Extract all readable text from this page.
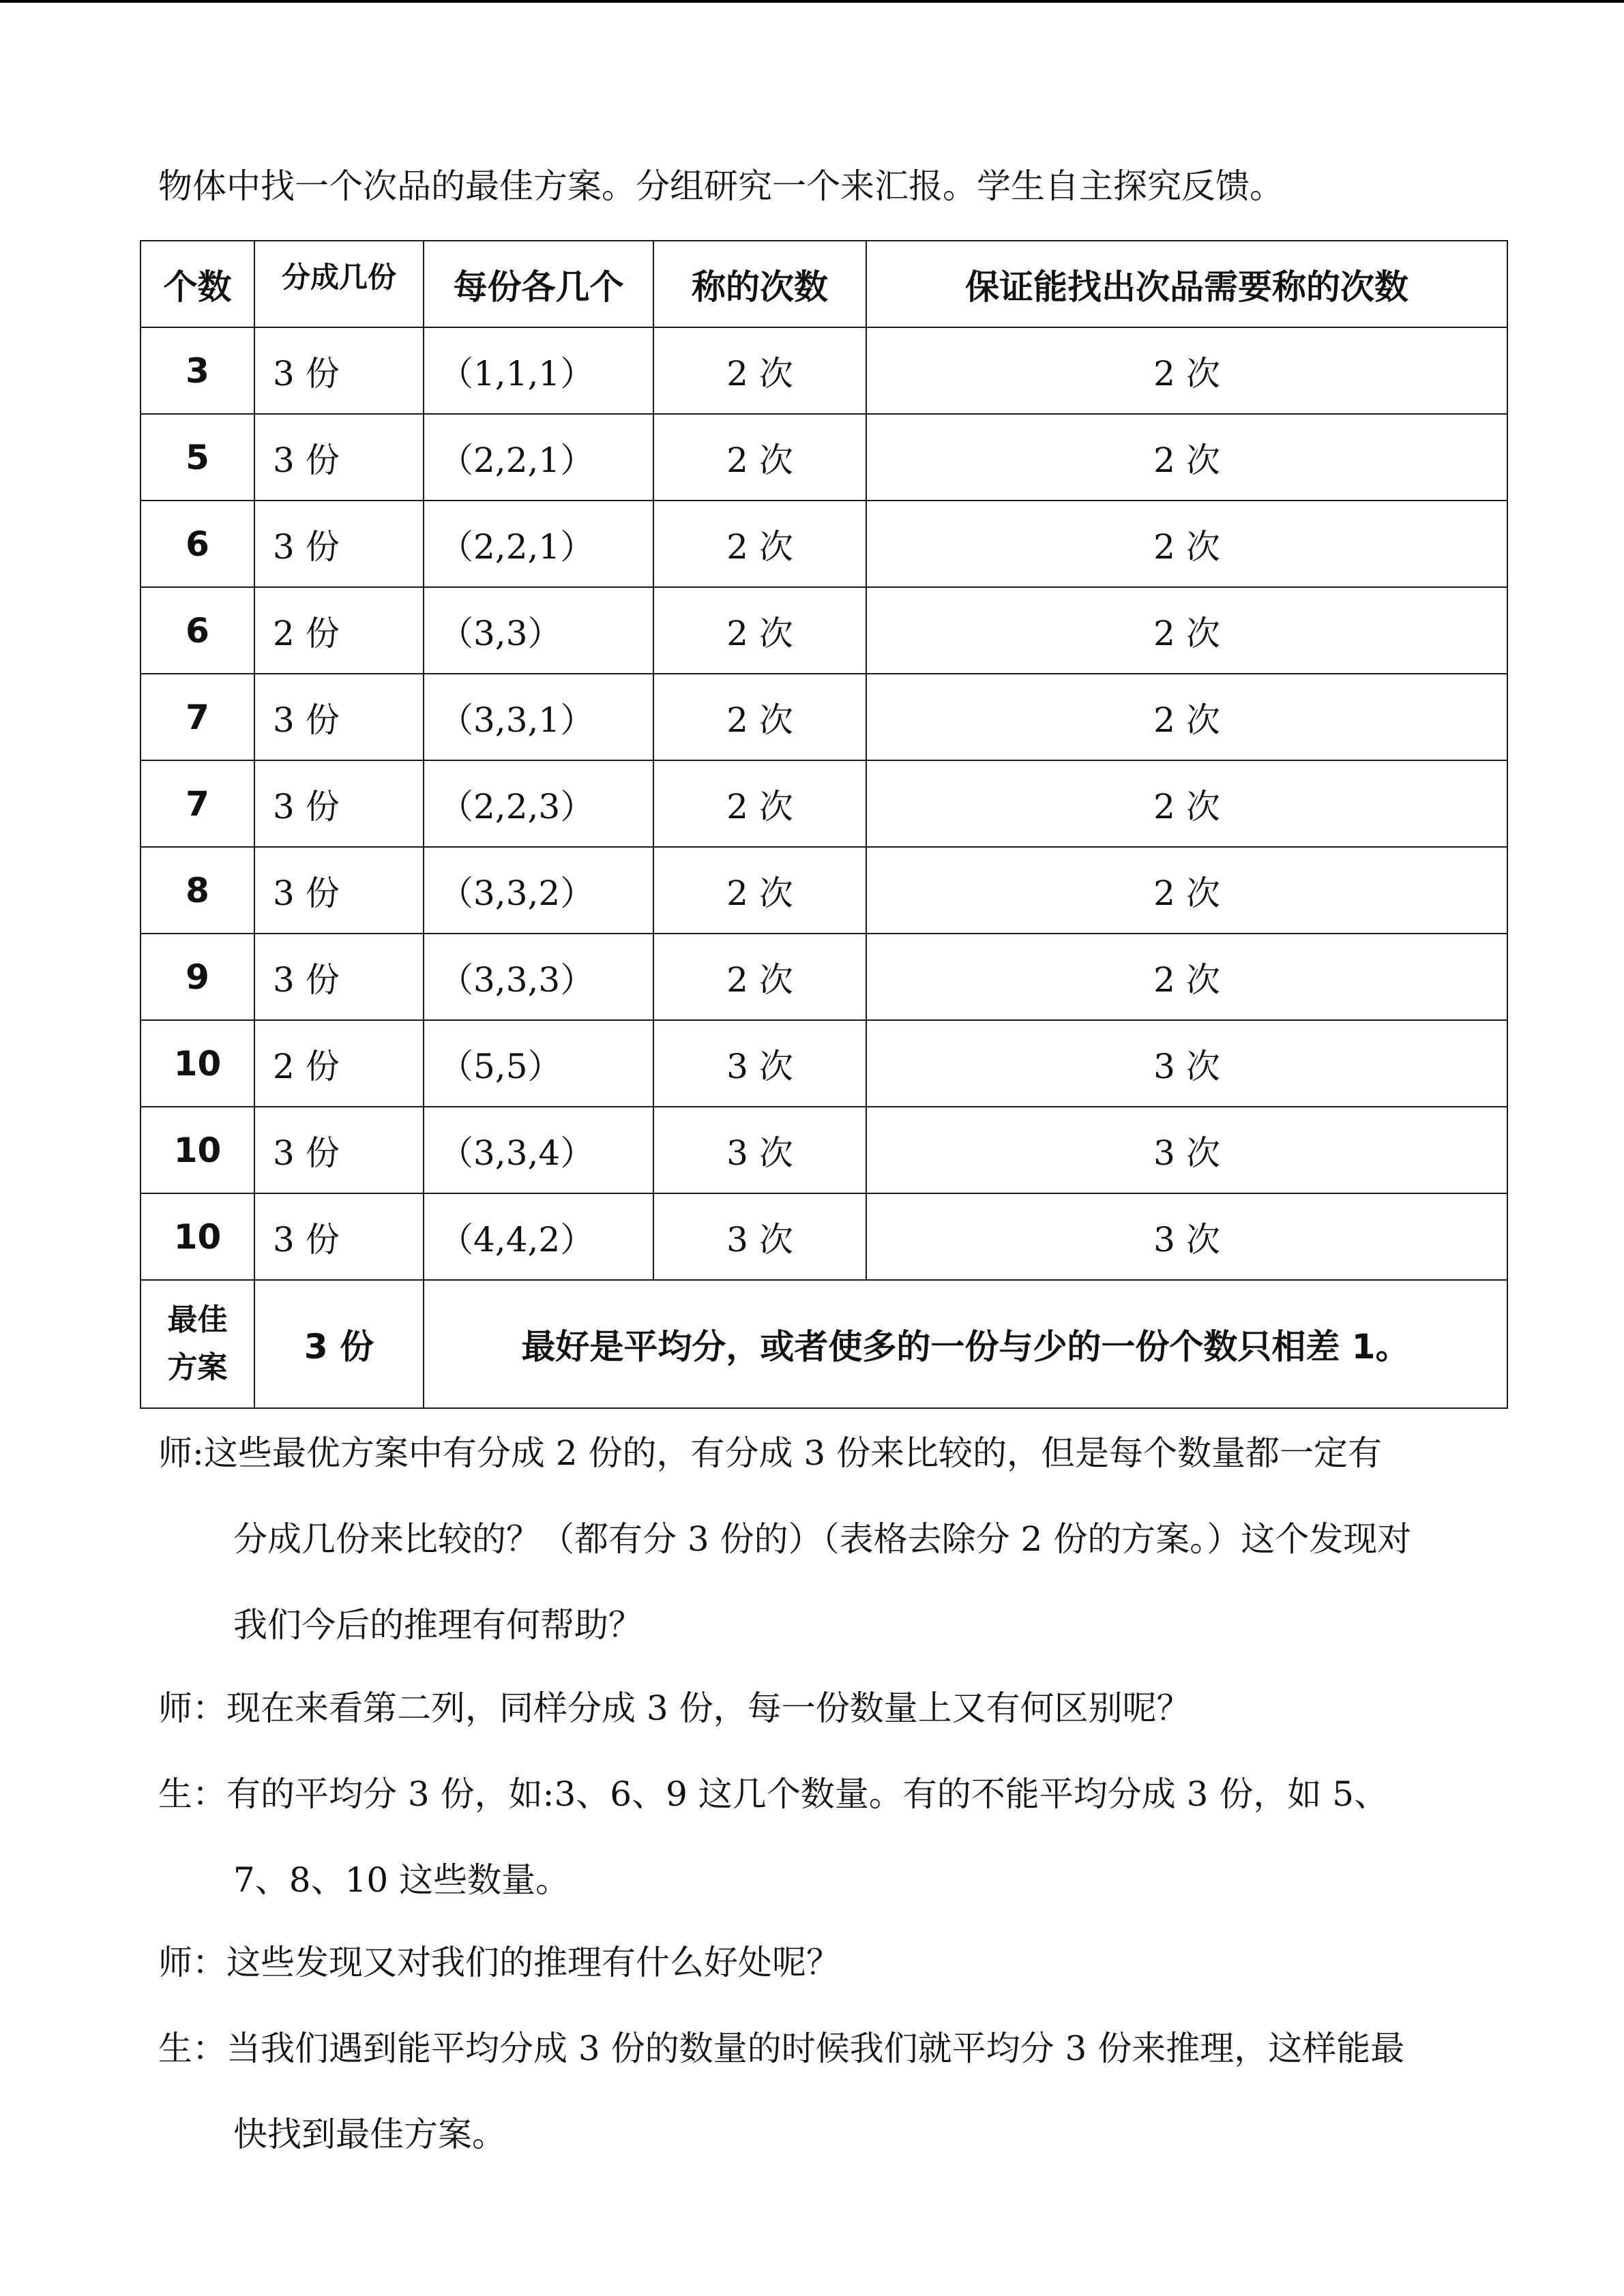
物体中找一个次品的最佳方案。分组研究一个来汇报。学生自主探究反馈。
个数	分成几份	每份各几个	称的次数	保证能找出次品需要称的次数
3	3 份	（1,1,1）	2 次	2 次
5	3 份	（2,2,1）	2 次	2 次
6	3 份	（2,2,1）	2 次	2 次
6	2 份	（3,3）	2 次	2 次
7	3 份	（3,3,1）	2 次	2 次
7	3 份	（2,2,3）	2 次	2 次
8	3 份	（3,3,2）	2 次	2 次
9	3 份	（3,3,3）	2 次	2 次
10	2 份	（5,5）	3 次	3 次
10	3 份	（3,3,4）	3 次	3 次
10	3 份	（4,4,2）	3 次	3 次

最佳
方案	3 份	最好是平均分，或者使多的一份与少的一份个数只相差 1。		
师:这些最优方案中有分成 2 份的，有分成 3 份来比较的，但是每个数量都一定有
分成几份来比较的？（都有分 3 份的）（表格去除分 2 份的方案。）这个发现对
我们今后的推理有何帮助？
师：现在来看第二列，同样分成 3 份，每一份数量上又有何区别呢？
生：有的平均分 3 份，如:3、6、9 这几个数量。有的不能平均分成 3 份，如 5、
7、8、10 这些数量。
师：这些发现又对我们的推理有什么好处呢？
生：当我们遇到能平均分成 3 份的数量的时候我们就平均分 3 份来推理，这样能最
快找到最佳方案。
